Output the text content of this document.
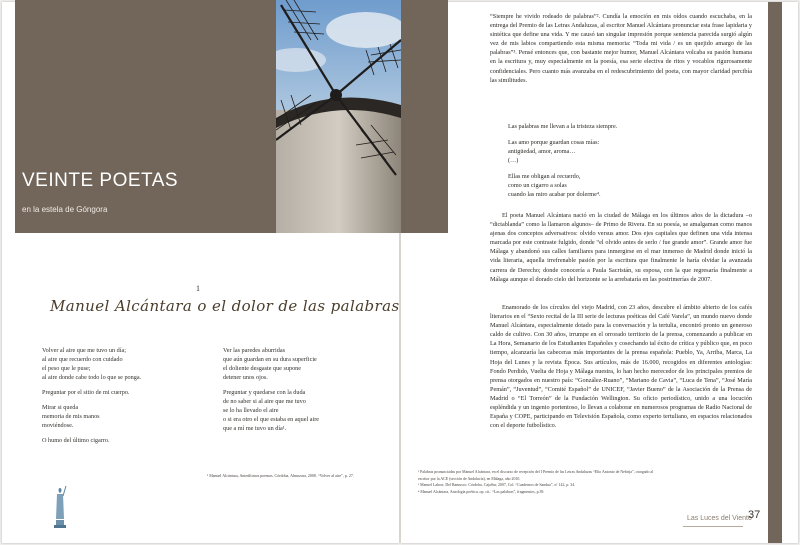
VEINTE POETAS
en la estela de Góngora
1
Manuel Alcántara o el dolor de las palabras
Volver al aire que me tuvo un día;
al aire que recuerdo con cuidado
el peso que le puse;
al aire donde cabe todo lo que se ponga.
Preguntar por el sitio de mi cuerpo.
Mirar si queda
memoria de mis manos
moviéndose.
O humo del último cigarro.
Ver las paredes aburridas
que aún guardan en su dura superficie
el doliente desgaste que supone
detener unos ojos.
Preguntar y quedarse con la duda
de no saber si al aire que me tuvo
se lo ha llevado el aire
o si era otro el que estaba en aquel aire
que a mí me tuvo un día¹.
¹ Manuel Alcántara, Anteúltimos poemas. Córdoba, Almuzara, 2008. “Volver al aire”, p. 27.

“Siempre he vivido rodeado de palabras”². Cundía la emoción en mis oídos cuando escuchaba, en la entrega del Premio de las Letras Andaluzas, al escritor Manuel Alcántara pronunciar esta frase lapidaria y sintética que define una vida. Y me causó tan singular impresión porque sentencia parecida surgió algún vez de mis labios compartiendo esta misma memoria: “Toda mi vida / es un quejido amargo de las palabras”³. Pensé entonces que, con bastante mejor humor, Manuel Alcántara volcaba su pasión humana en la escritura y, muy especialmente en la poesía, esa serie electiva de ritos y vocablos rigurosamente confidenciales. Pero cuanto más avanzaba en el redescubrimiento del poeta, con mayor claridad percibía las similitudes.

Las palabras me llevan a la tristeza siempre.
Las amo porque guardan cosas mías:
antigüedad, amor, aroma…
(…)
Ellas me obligan al recuerdo,
como un cigarro a solas
cuando las miro acabar por dolerme⁴.

El poeta Manuel Alcántara nació en la ciudad de Málaga en los últimos años de la dictadura –o “dictablanda” como la llamaron algunos– de Primo de Rivera. En su poesía, se amalgaman como manos ajenas dos conceptos adversativos: olvido versus amor. Dos ejes capitales que definen una vida intensa marcada por este contraste fulgido, donde “el olvido antes de serlo / fue grande amor”. Grande amor fue Málaga y abandonó sus calles familiares para inmergirse en el mar inmenso de Madrid donde inició la vida literaria, aquella irrefrenable pasión por la escritura que finalmente le haría olvidar la avanzada carrera de Derecho; donde conocería a Paula Sacristán, su esposa, con la que regresaría finalmente a Málaga aunque el dorado cielo del horizonte se la arrebataría en las postrimerías de 2007.

Enamorado de los círculos del viejo Madrid, con 23 años, descubre el ámbito abierto de los cafés literarios en el “Sexto recital de la III serie de lecturas poéticas del Café Varela”, un mundo nuevo donde Manuel Alcántara, especialmente dotado para la conversación y la tertulia, encontró pronto un generoso caldo de cultivo. Con 30 años, irrumpe en el orrorado territorio de la prensa, comenzando a publicar en La Hora, Semanario de los Estudiantes Españoles y cosechando tal éxito de crítica y público que, en poco tiempo, alcanzaría las cabeceras más importantes de la prensa española: Pueblo, Ya, Arriba, Marca, La Hoja del Lunes y la revista Época. Sus artículos, más de 16.000, recogidos en diferentes antologías: Fondo Perdido, Vuelta de Hoja y Málaga nuestra, lo han hecho merecedor de los principales premios de prensa otorgados en nuestro país: “González-Ruano”, “Mariano de Cavia”, “Luca de Tena”, “José María Pemán”, “Juventud”, “Comité Español” de UNICEF, “Javier Bueno” de la Asociación de la Prensa de Madrid o “El Torreón” de la Fundación Wellington. Su oficio periodístico, unido a una locución espléndida y un ingenio portentoso, lo llevan a colaborar en numerosos programas de Radio Nacional de España y COPE, participando en Televisión Española, como experto tertuliano, en espacios relacionados con el deporte futbolístico.

² Palabras pronunciadas por Manuel Alcántara, en el discurso de recepción del I Premio de las Letras Andaluzas “Elio Antonio de Nebrija”, otorgado al
escritor por la ACE (sección de Andalucía), en Málaga, año 2010.
³ Manuel Lahorr, Del Ramusco. Córdoba, CajaSur, 2007, Col. “Cuadernos de Sandua”, nº 142, p. 34.
⁴ Manuel Alcántara, Antología poética, op. cit.. “Las palabras”, fragmentos, p.39.
Las Luces del Viento
37
